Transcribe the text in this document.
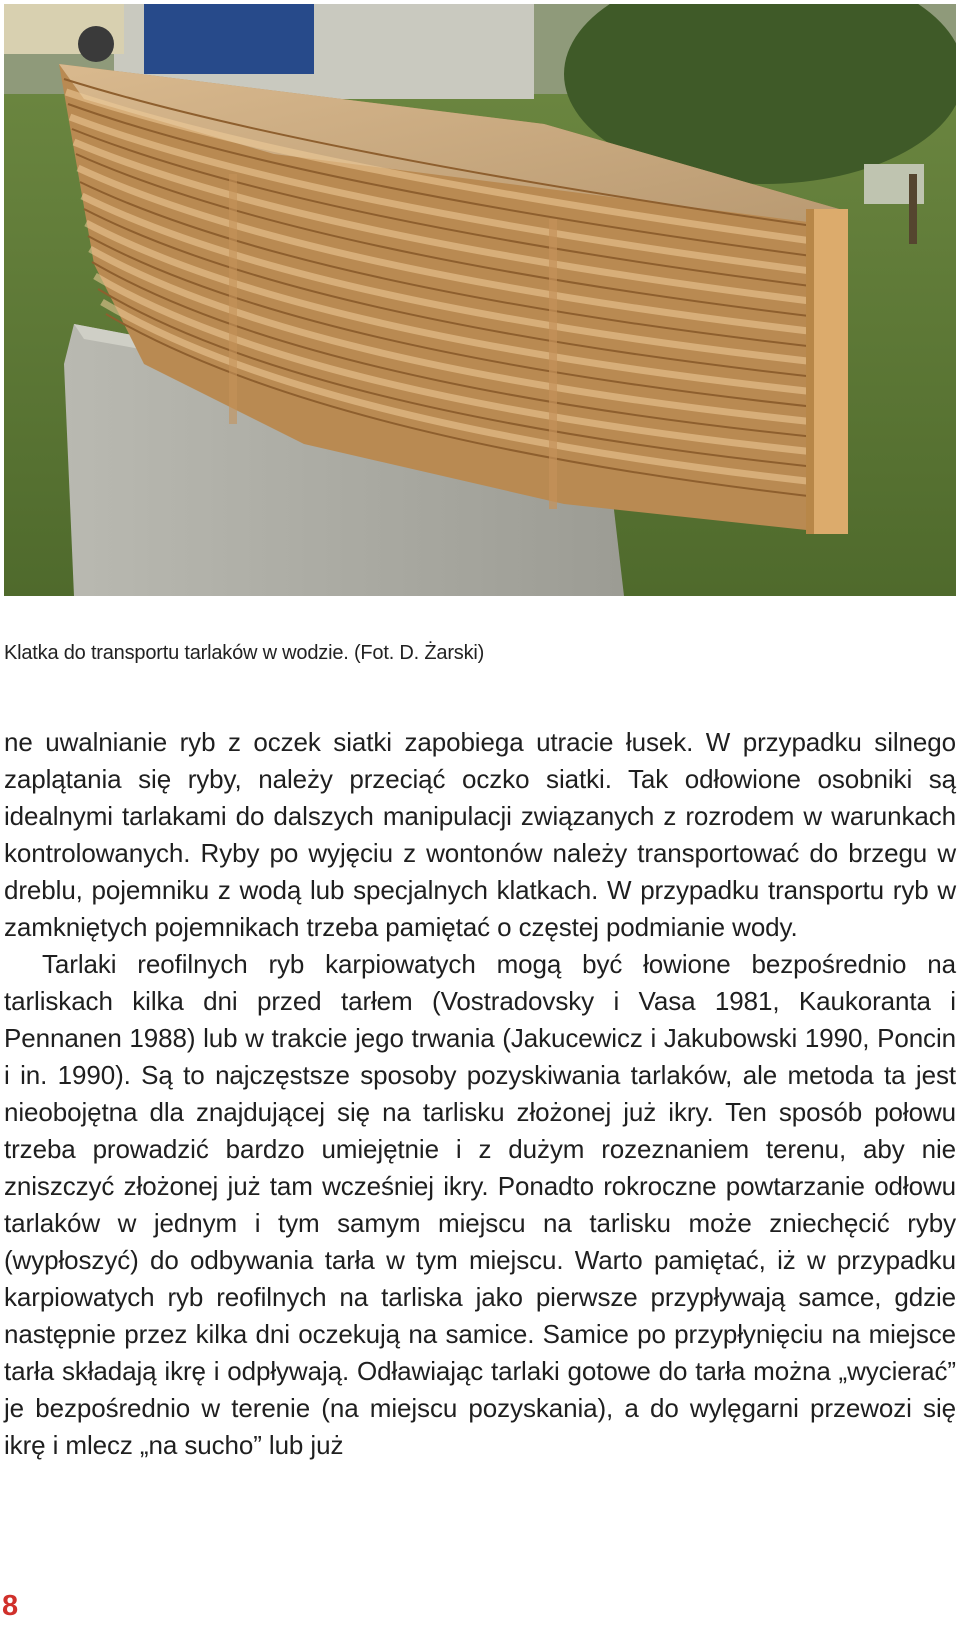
Klatka do transportu tarlaków w wodzie. (Fot. D. Żarski)

ne uwalnianie ryb z oczek siatki zapobiega utracie łusek. W przypadku silnego zaplątania się ryby, należy przeciąć oczko siatki. Tak odłowione osobniki są idealnymi tarlakami do dalszych manipulacji związanych z rozrodem w warunkach kontrolowanych. Ryby po wyjęciu z wontonów należy transportować do brzegu w dreblu, pojemniku z wodą lub specjalnych klatkach. W przypadku transportu ryb w zamkniętych pojemnikach trzeba pamiętać o częstej podmianie wody.

Tarlaki reofilnych ryb karpiowatych mogą być łowione bezpośrednio na tarliskach kilka dni przed tarłem (Vostradovsky i Vasa 1981, Kaukoranta i Pennanen 1988) lub w trakcie jego trwania (Jakucewicz i Jakubowski 1990, Poncin i in. 1990). Są to najczęstsze sposoby pozyskiwania tarlaków, ale metoda ta jest nieobojętna dla znajdującej się na tarlisku złożonej już ikry. Ten sposób połowu trzeba prowadzić bardzo umiejętnie i z dużym rozeznaniem terenu, aby nie zniszczyć złożonej już tam wcześniej ikry. Ponadto rokroczne powtarzanie odłowu tarlaków w jednym i tym samym miejscu na tarlisku może zniechęcić ryby (wypłoszyć) do odbywania tarła w tym miejscu. Warto pamiętać, iż w przypadku karpiowatych ryb reofilnych na tarliska jako pierwsze przypływają samce, gdzie następnie przez kilka dni oczekują na samice. Samice po przypłynięciu na miejsce tarła składają ikrę i odpływają. Odławiając tarlaki gotowe do tarła można „wycierać” je bezpośrednio w terenie (na miejscu pozyskania), a do wylęgarni przewozi się ikrę i mlecz „na sucho” lub już

8
